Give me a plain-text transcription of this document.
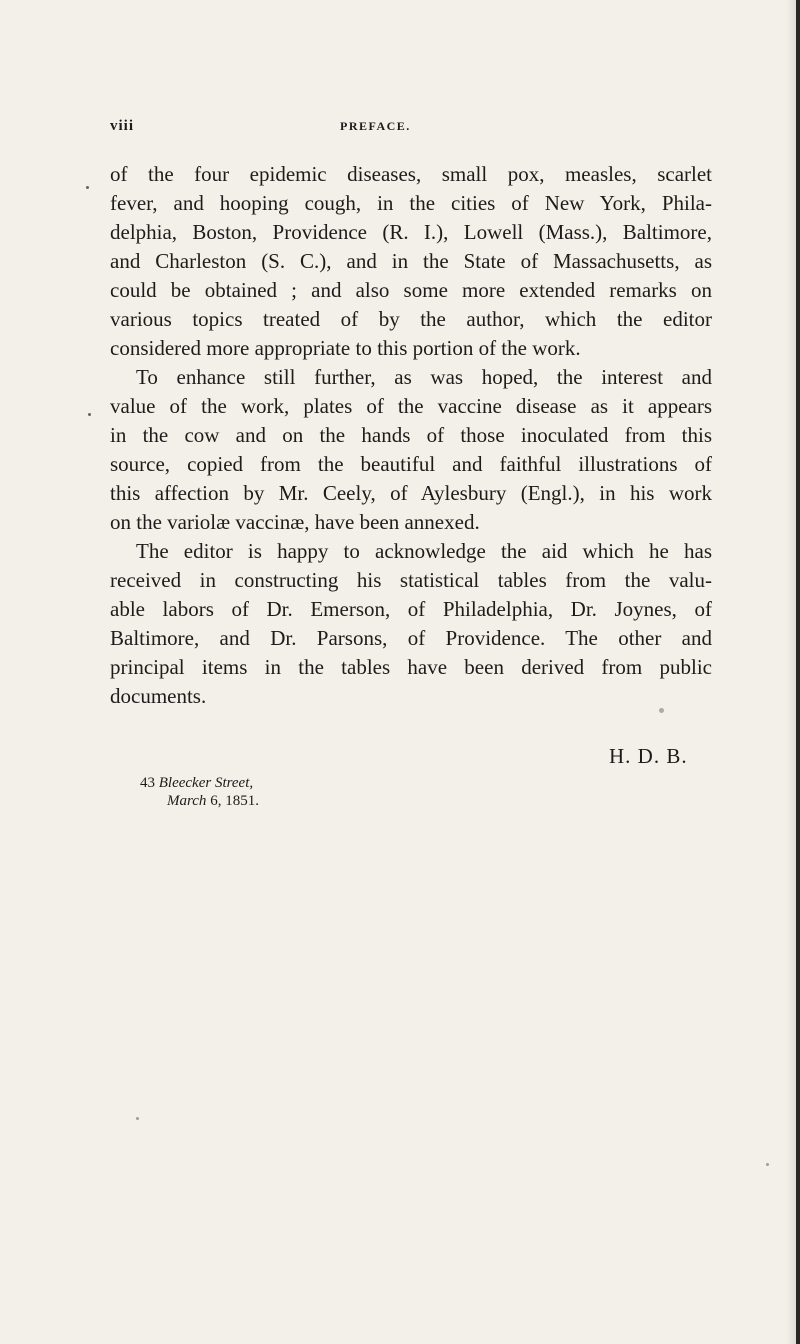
viii	PREFACE.
of the four epidemic diseases, small pox, measles, scarlet
fever, and hooping cough, in the cities of New York, Phila-
delphia, Boston, Providence (R. I.), Lowell (Mass.), Baltimore,
and Charleston (S. C.), and in the State of Massachusetts, as
could be obtained ; and also some more extended remarks on
various topics treated of by the author, which the editor
considered more appropriate to this portion of the work.
To enhance still further, as was hoped, the interest and
value of the work, plates of the vaccine disease as it appears
in the cow and on the hands of those inoculated from this
source, copied from the beautiful and faithful illustrations of
this affection by Mr. Ceely, of Aylesbury (Engl.), in his work
on the variolæ vaccinæ, have been annexed.
The editor is happy to acknowledge the aid which he has
received in constructing his statistical tables from the valu-
able labors of Dr. Emerson, of Philadelphia, Dr. Joynes, of
Baltimore, and Dr. Parsons, of Providence. The other and
principal items in the tables have been derived from public
documents.
H. D. B.
43 Bleecker Street,
March 6, 1851.
